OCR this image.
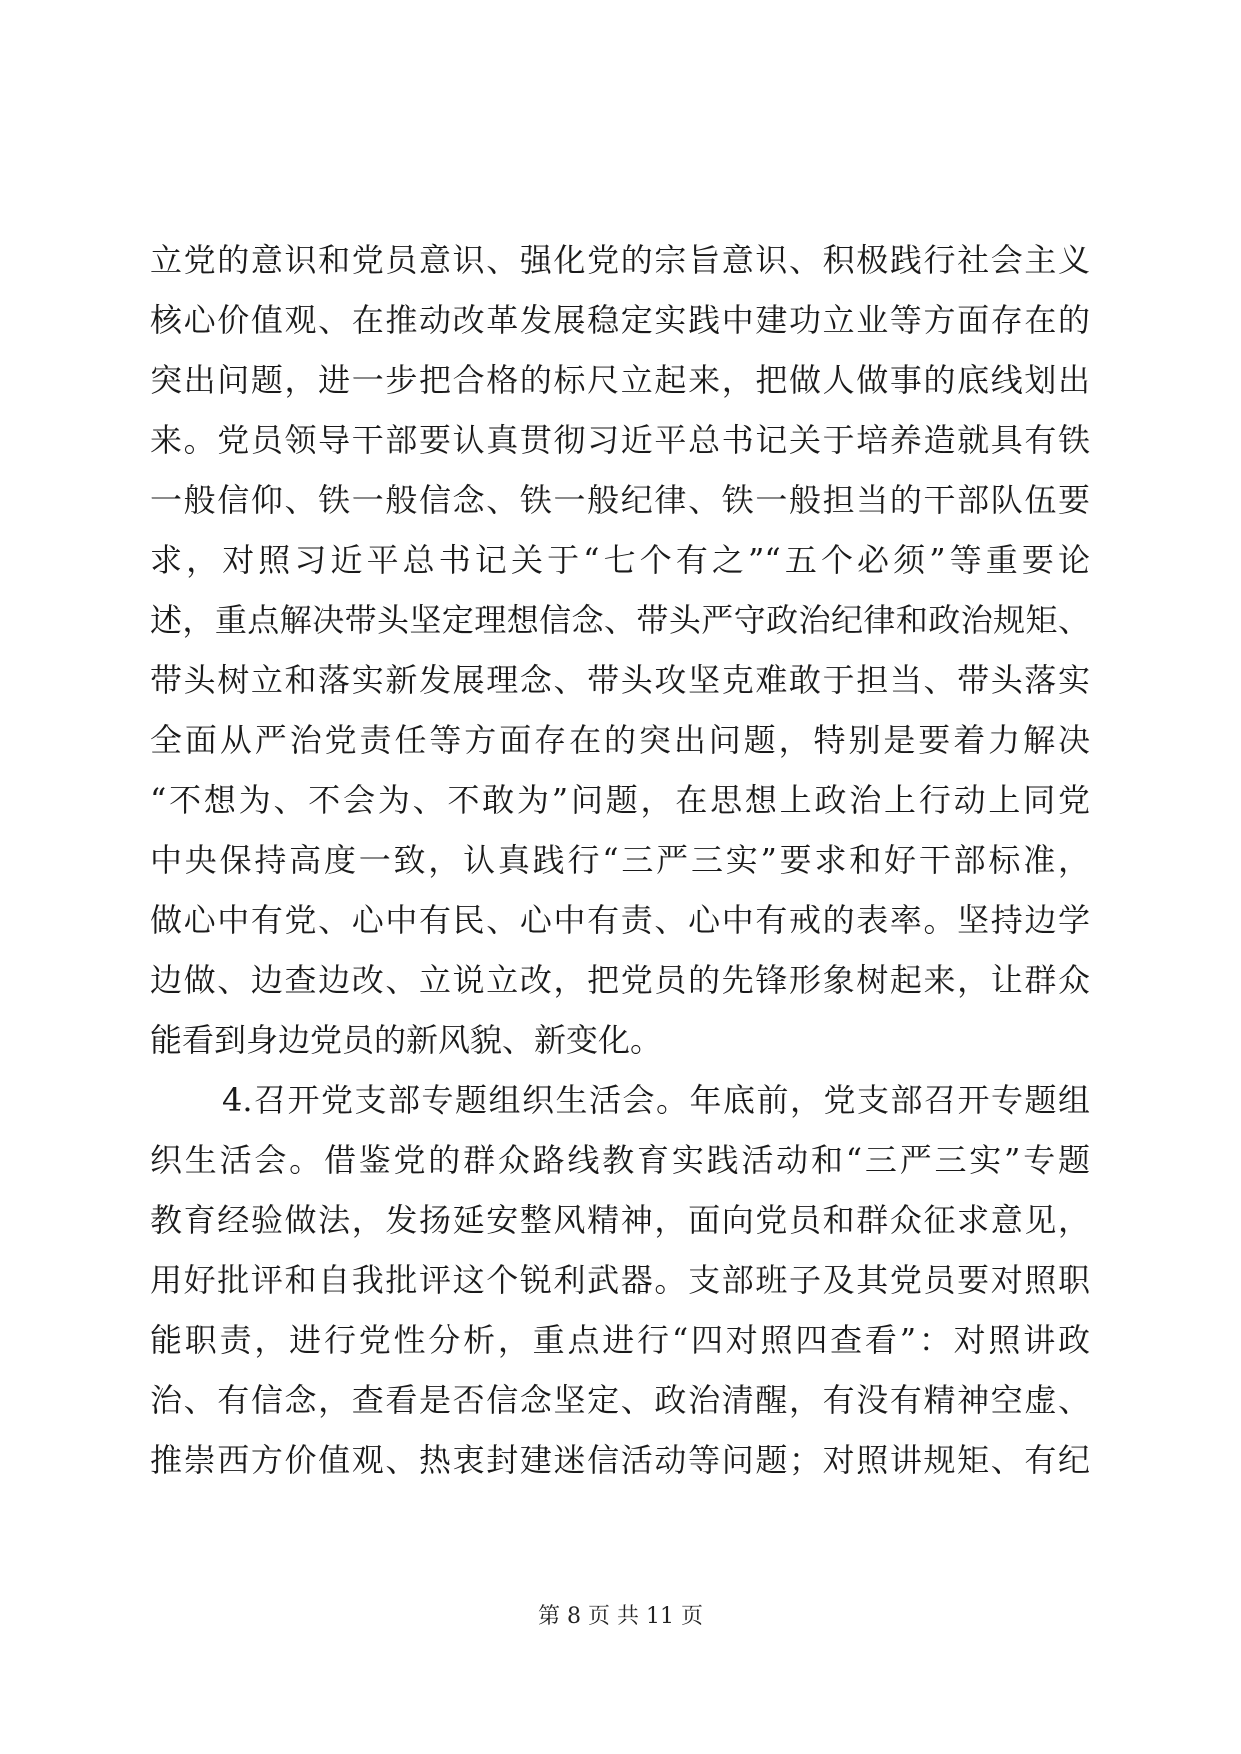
立党的意识和党员意识、强化党的宗旨意识、积极践行社会主义
核心价值观、在推动改革发展稳定实践中建功立业等方面存在的
突出问题，进一步把合格的标尺立起来，把做人做事的底线划出
来。党员领导干部要认真贯彻习近平总书记关于培养造就具有铁
一般信仰、铁一般信念、铁一般纪律、铁一般担当的干部队伍要
求，对照习近平总书记关于“七个有之”“五个必须”等重要论
述，重点解决带头坚定理想信念、带头严守政治纪律和政治规矩、
带头树立和落实新发展理念、带头攻坚克难敢于担当、带头落实
全面从严治党责任等方面存在的突出问题，特别是要着力解决
“不想为、不会为、不敢为”问题，在思想上政治上行动上同党
中央保持高度一致，认真践行“三严三实”要求和好干部标准，
做心中有党、心中有民、心中有责、心中有戒的表率。坚持边学
边做、边查边改、立说立改，把党员的先锋形象树起来，让群众
能看到身边党员的新风貌、新变化。
4.召开党支部专题组织生活会。年底前，党支部召开专题组
织生活会。借鉴党的群众路线教育实践活动和“三严三实”专题
教育经验做法，发扬延安整风精神，面向党员和群众征求意见，
用好批评和自我批评这个锐利武器。支部班子及其党员要对照职
能职责，进行党性分析，重点进行“四对照四查看”：对照讲政
治、有信念，查看是否信念坚定、政治清醒，有没有精神空虚、
推崇西方价值观、热衷封建迷信活动等问题；对照讲规矩、有纪
第 8 页 共 11 页
